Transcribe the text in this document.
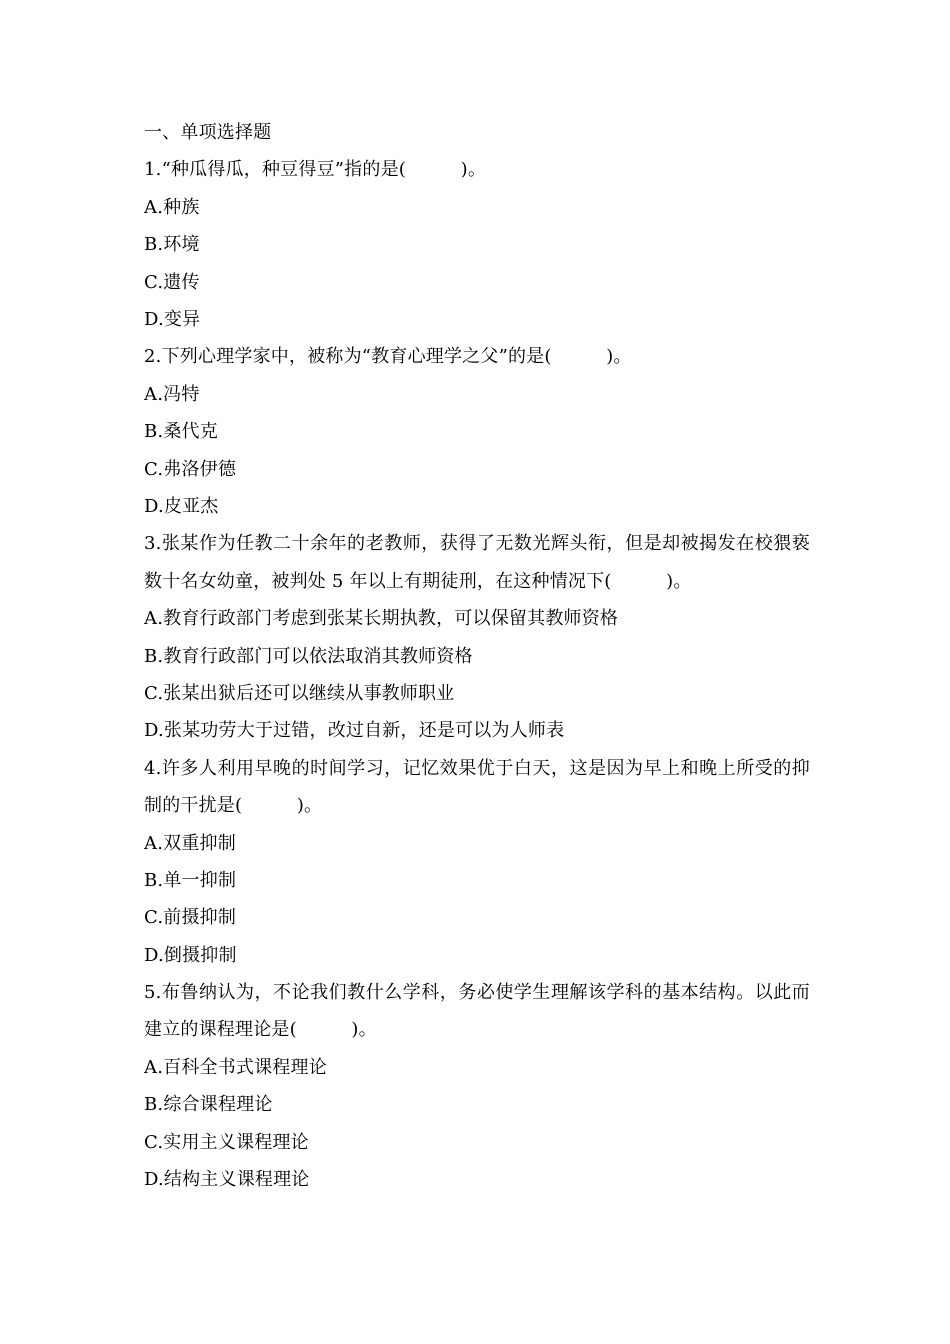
一、单项选择题
1.“种瓜得瓜，种豆得豆”指的是(　　　)。
A.种族
B.环境
C.遗传
D.变异
2.下列心理学家中，被称为“教育心理学之父”的是(　　　)。
A.冯特
B.桑代克
C.弗洛伊德
D.皮亚杰
3.张某作为任教二十余年的老教师，获得了无数光辉头衔，但是却被揭发在校猥亵数十名女幼童，被判处 5 年以上有期徒刑，在这种情况下(　　　)。
A.教育行政部门考虑到张某长期执教，可以保留其教师资格
B.教育行政部门可以依法取消其教师资格
C.张某出狱后还可以继续从事教师职业
D.张某功劳大于过错，改过自新，还是可以为人师表
4.许多人利用早晚的时间学习，记忆效果优于白天，这是因为早上和晚上所受的抑制的干扰是(　　　)。
A.双重抑制
B.单一抑制
C.前摄抑制
D.倒摄抑制
5.布鲁纳认为，不论我们教什么学科，务必使学生理解该学科的基本结构。以此而建立的课程理论是(　　　)。
A.百科全书式课程理论
B.综合课程理论
C.实用主义课程理论
D.结构主义课程理论
